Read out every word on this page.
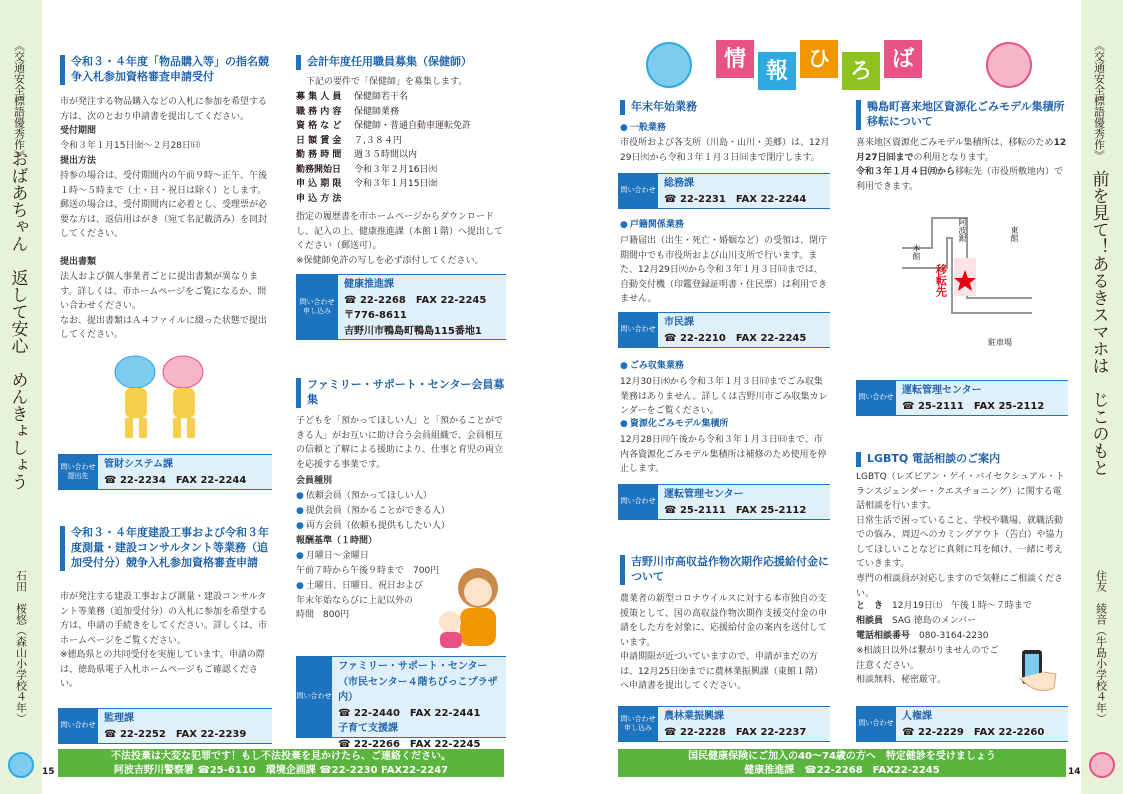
《交通安全標語優秀作》
おばあちゃん　返して安心　めんきょしょう
石田　桜悠（森山小学校４年）
15
《交通安全標語優秀作》
前を見て！あるきスマホは　じこのもと
住友　綾音（牛島小学校４年）
14
令和３・４年度「物品購入等」の指名競争入札参加資格審査申請受付
市が発注する物品購入などの入札に参加を希望する方は、次のとおり申請書を提出してください。
受付期間
令和３年１月15日㈮～２月28日㈰
提出方法
持参の場合は、受付期間内の午前９時～正午、午後１時～５時まで（土・日・祝日は除く）とします。
郵送の場合は、受付期間内に必着とし、受理票が必要な方は、返信用はがき（宛て名記載済み）を同封してください。
提出書類
法人および個人事業者ごとに提出書類が異なります。詳しくは、市ホームページをご覧になるか、問い合わせください。
なお、提出書類はＡ４ファイルに綴った状態で提出してください。
問い合わせ
提出先
管財システム課
☎ 22-2234　FAX 22-2244
令和３・４年度建設工事および令和３年度測量・建設コンサルタント等業務（追加受付分）競争入札参加資格審査申請
市が発注する建設工事および測量・建設コンサルタント等業務（追加受付分）の入札に参加を希望する方は、申請の手続きをしてください。詳しくは、市ホームページをご覧ください。
※徳島県との共同受付を実施しています。申請の際は、徳島県電子入札ホームページもご確認ください。
問い合わせ
監理課
☎ 22-2252　FAX 22-2239
会計年度任用職員募集（保健師）
下記の要件で「保健師」を募集します。
募 集 人 員	保健師若干名
職 務 内 容	保健師業務
資 格 な ど	保健師・普通自動車運転免許
日 額 賃 金	７,３８４円
勤 務 時 間	週３５時間以内
勤務開始日	令和３年２月16日㈫
申 込 期 限	令和３年１月15日㈮
申 込 方 法
指定の履歴書を市ホームページからダウンロードし、記入の上、健康推進課（本館１階）へ提出してください（郵送可）。
※保健師免許の写しを必ず添付してください。
問い合わせ
申し込み
健康推進課
☎ 22-2268　FAX 22-2245
〒776-8611
吉野川市鴨島町鴨島115番地1
ファミリー・サポート・センター会員募集
子どもを「預かってほしい人」と「預かることができる人」がお互いに助け合う会員組織で、会員相互の信頼と了解による援助により、仕事と育児の両立を応援する事業です。
会員種別
● 依頼会員（預かってほしい人）
● 提供会員（預かることができる人）
● 両方会員（依頼も提供もしたい人）
報酬基準（１時間）
● 月曜日～金曜日
午前７時から午後９時まで　700円
● 土曜日、日曜日、祝日および
年末年始ならびに上記以外の
時間　800円
問い合わせ
ファミリー・サポート・センター
（市民センター４階ちびっこプラザ内）
☎ 22-2440　FAX 22-2441
子育て支援課
☎ 22-2266　FAX 22-2245
情 報 ひ ろ ば
年末年始業務
● 一般業務
市役所および各支所（川島・山川・美郷）は、12月29日㈫から令和３年１月３日㈰まで閉庁します。
問い合わせ
総務課
☎ 22-2231　FAX 22-2244
● 戸籍関係業務
戸籍届出（出生・死亡・婚姻など）の受領は、閉庁期間中でも市役所および山川支所で行います。また、12月29日㈫から令和３年１月３日㈰までは、自動交付機（印鑑登録証明書・住民票）は利用できません。
問い合わせ
市民課
☎ 22-2210　FAX 22-2245
● ごみ収集業務
12月30日㈬から令和３年１月３日㈰までごみ収集業務はありません。詳しくは吉野川市ごみ収集カレンダーをご覧ください。
● 資源化ごみモデル集積所
12月28日㈪午後から令和３年１月３日㈰まで、市内各資源化ごみモデル集積所は補修のため使用を停止します。
問い合わせ
運転管理センター
☎ 25-2111　FAX 25-2112
吉野川市高収益作物次期作応援給付金について
農業者の新型コロナウイルスに対する本市独自の支援策として、国の高収益作物次期作支援交付金の申請をした方を対象に、応援給付金の案内を送付しています。
申請期限が近づいていますので、申請がまだの方は、12月25日㈮までに農林業振興課（東館１階）へ申請書を提出してください。
問い合わせ
申し込み
農林業振興課
☎ 22-2228　FAX 22-2237
鴨島町喜来地区資源化ごみモデル集積所移転について
喜来地区資源化ごみモデル集積所は、移転のため12月27日㈰までの利用となります。
令和３年１月４日㈪から移転先（市役所敷地内）で利用できます。
阿波銀	東館
本館
移転先
駐車場
問い合わせ
運転管理センター
☎ 25-2111　FAX 25-2112
LGBTQ 電話相談のご案内
LGBTQ（レズビアン・ゲイ・バイセクシュアル・トランスジェンダー・クエスチョニング）に関する電話相談を行います。
日常生活で困っていること、学校や職場、就職活動での悩み、周辺へのカミングアウト（告白）や協力してほしいことなどに真剣に耳を傾け、一緒に考えていきます。
専門の相談員が対応しますので気軽にご相談ください。
と　き　 12月19日㈯　午後１時～７時まで
相談員　 SAG 徳島のメンバー
電話相談番号　 080-3164-2230
※相談日以外は繋がりませんのでご注意ください。
相談無料、秘密厳守。
問い合わせ
人権課
☎ 22-2229　FAX 22-2260
不法投棄は大変な犯罪です！もし不法投棄を見かけたら、ご連絡ください。
阿波吉野川警察署 ☎25-6110　環境企画課 ☎22-2230 FAX22-2247
国民健康保険にご加入の40～74歳の方へ　特定健診を受けましょう
健康推進課　☎22-2268　FAX22-2245
